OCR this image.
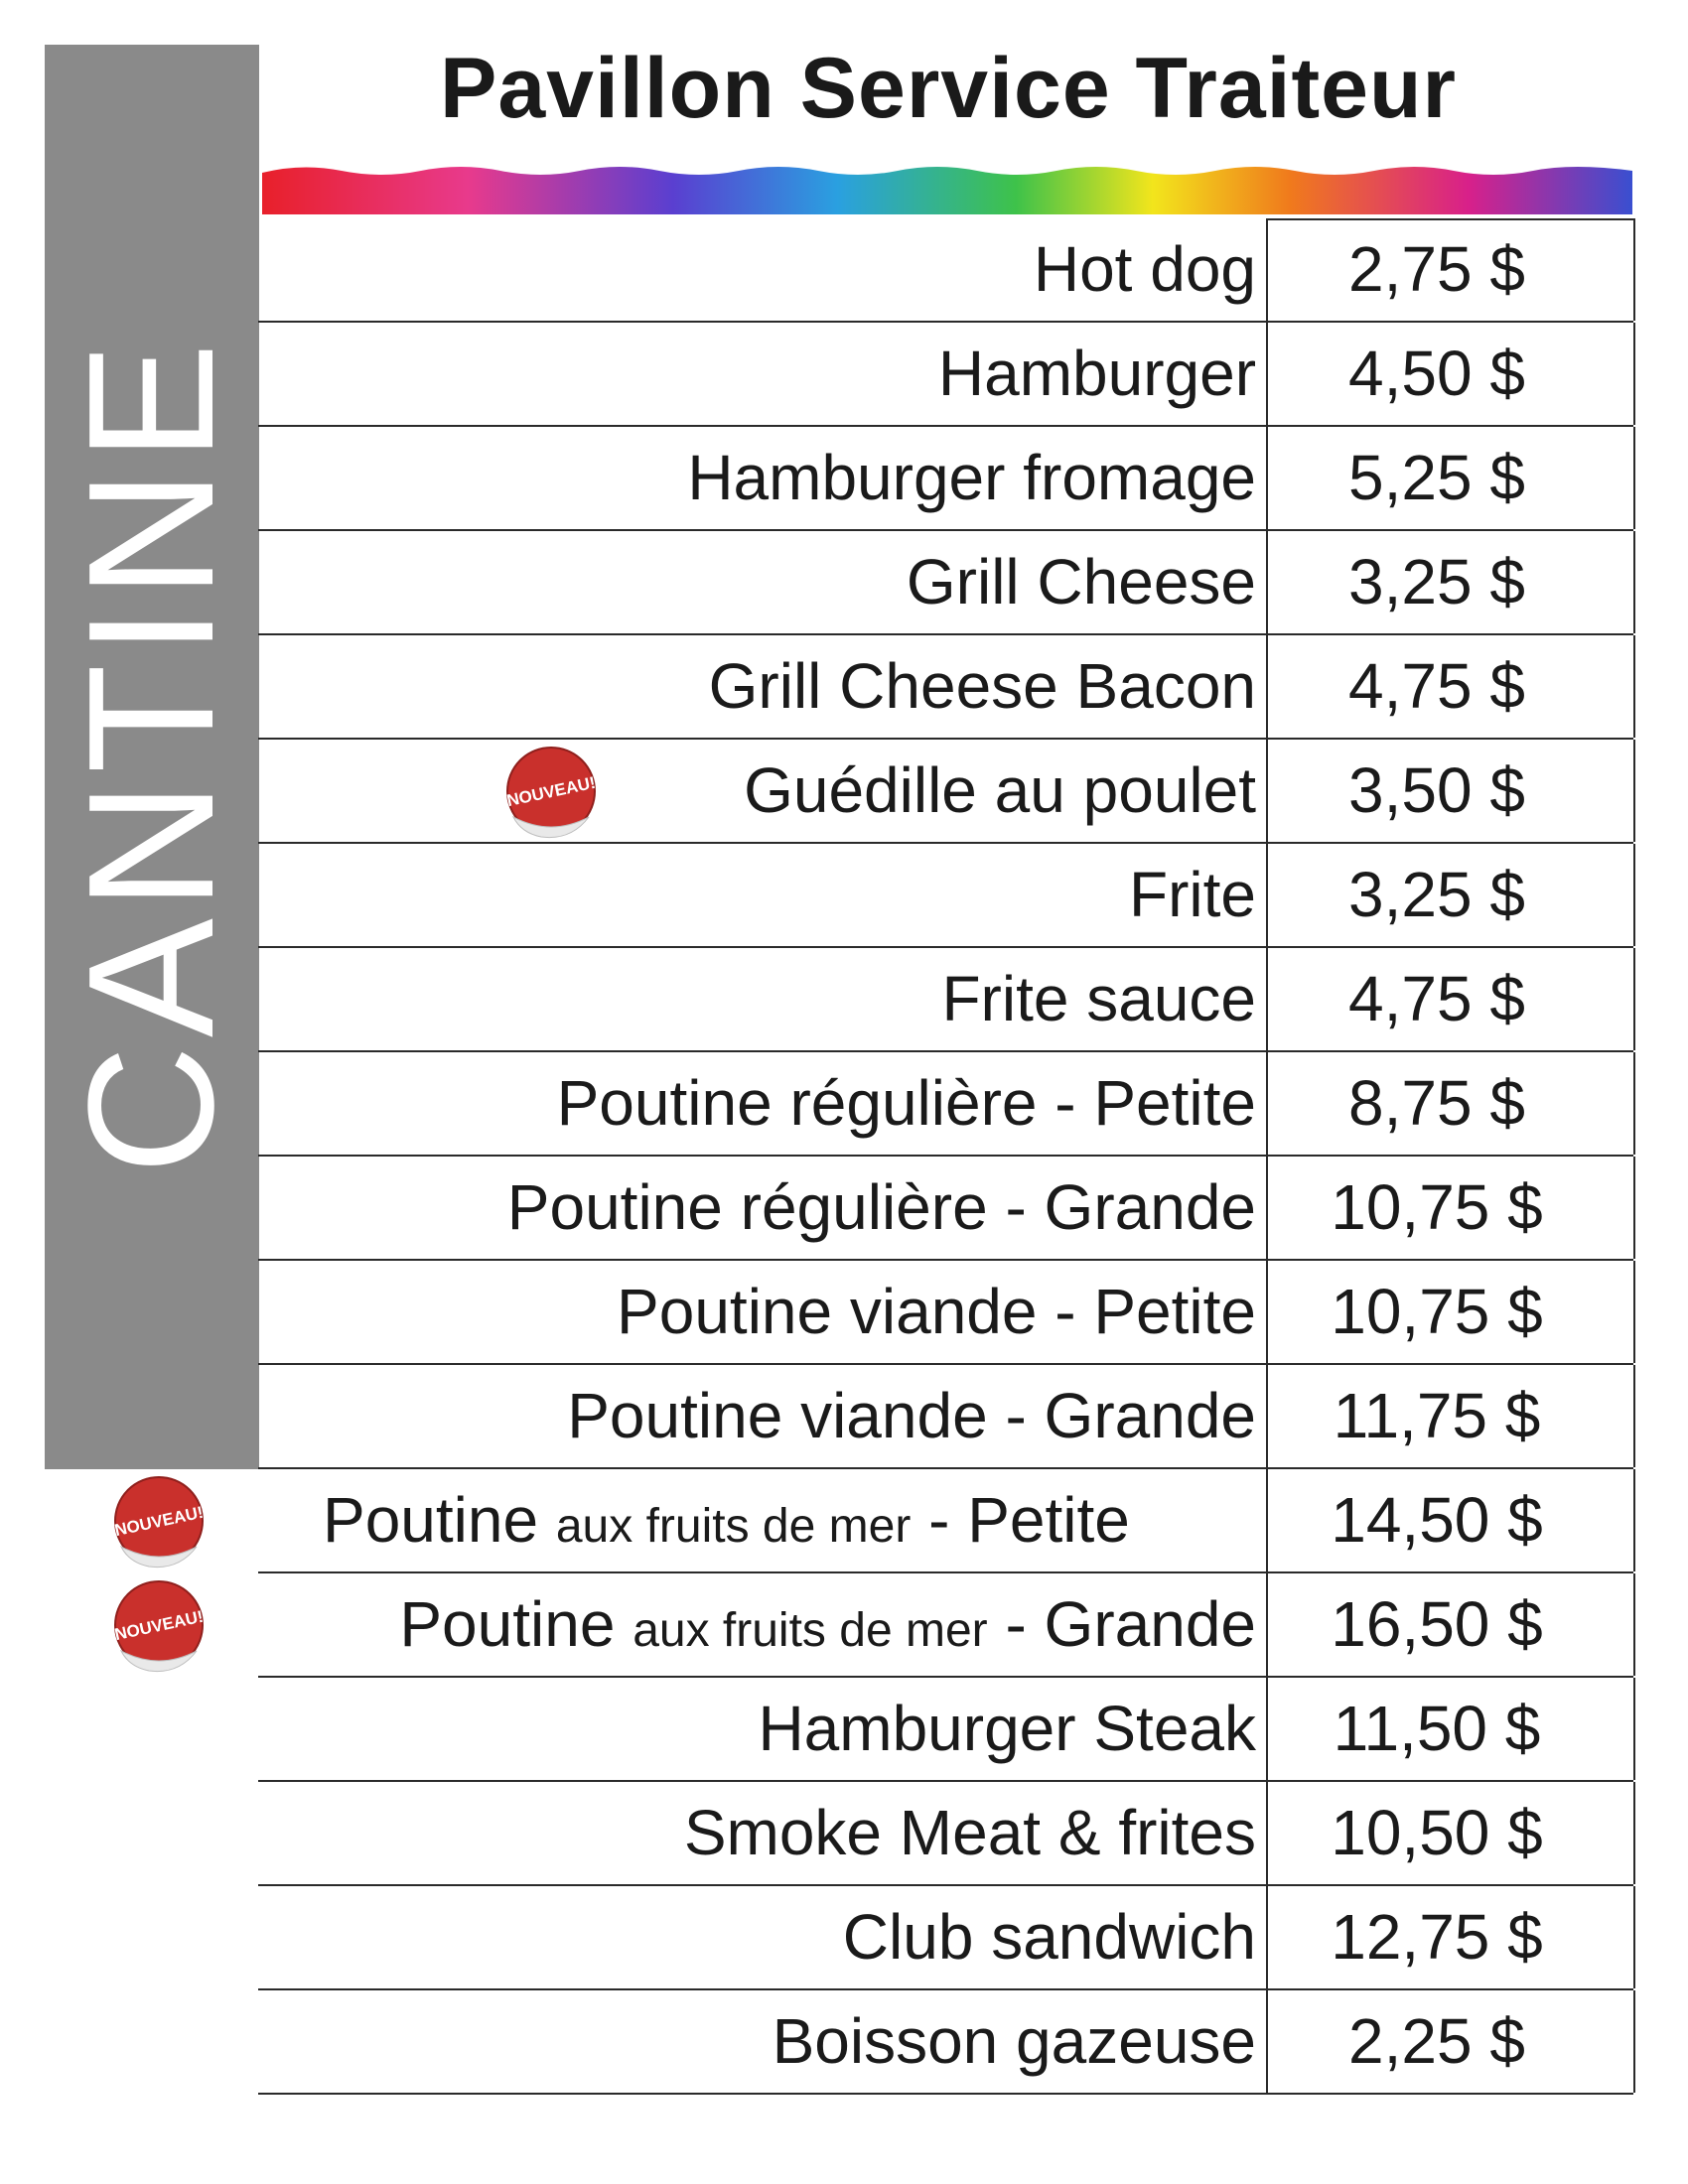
Pavillon Service Traiteur
CANTINE
Hot dog	2,75 $
Hamburger	4,50 $
Hamburger fromage	5,25 $
Grill Cheese	3,25 $
Grill Cheese Bacon	4,75 $
NOUVEAU! Guédille au poulet	3,50 $
Frite	3,25 $
Frite sauce	4,75 $
Poutine régulière - Petite	8,75 $
Poutine régulière - Grande	10,75 $
Poutine viande - Petite	10,75 $
Poutine viande - Grande	11,75 $
NOUVEAU! Poutine aux fruits de mer - Petite	14,50 $
NOUVEAU!	Poutine aux fruits de mer - Grande	16,50 $
Hamburger Steak	11,50 $
Smoke Meat & frites	10,50 $
Club sandwich	12,75 $
Boisson gazeuse	2,25 $
